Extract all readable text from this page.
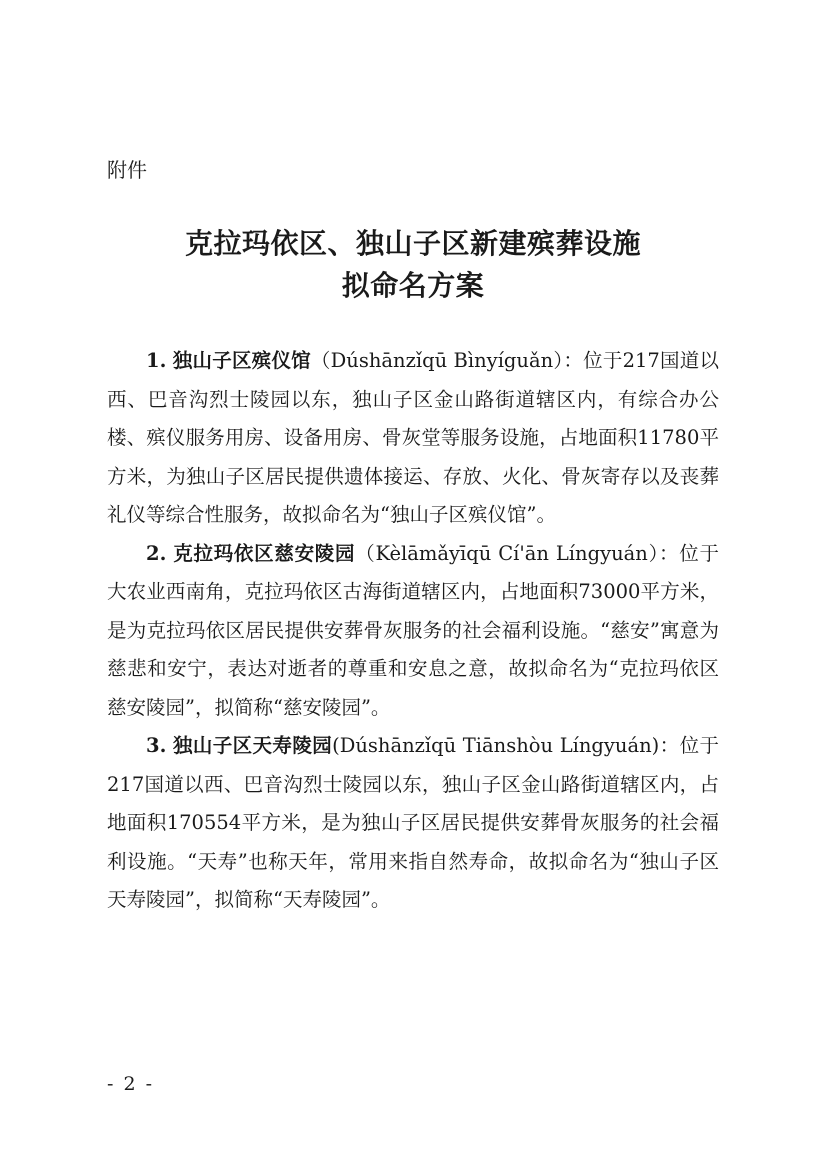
附件

克拉玛依区、独山子区新建殡葬设施
拟命名方案

1. 独山子区殡仪馆（Dúshānzǐqū Bìnyíguǎn）：位于217国道以西、巴音沟烈士陵园以东，独山子区金山路街道辖区内，有综合办公楼、殡仪服务用房、设备用房、骨灰堂等服务设施，占地面积11780平方米，为独山子区居民提供遗体接运、存放、火化、骨灰寄存以及丧葬礼仪等综合性服务，故拟命名为“独山子区殡仪馆”。

2. 克拉玛依区慈安陵园（Kèlāmǎyīqū Cí'ān Língyuán）：位于大农业西南角，克拉玛依区古海街道辖区内，占地面积73000平方米，是为克拉玛依区居民提供安葬骨灰服务的社会福利设施。“慈安”寓意为慈悲和安宁，表达对逝者的尊重和安息之意，故拟命名为“克拉玛依区慈安陵园”，拟简称“慈安陵园”。

3. 独山子区天寿陵园(Dúshānzǐqū Tiānshòu Língyuán)：位于217国道以西、巴音沟烈士陵园以东，独山子区金山路街道辖区内，占地面积170554平方米，是为独山子区居民提供安葬骨灰服务的社会福利设施。“天寿”也称天年，常用来指自然寿命，故拟命名为“独山子区天寿陵园”，拟简称“天寿陵园”。

- 2 -
